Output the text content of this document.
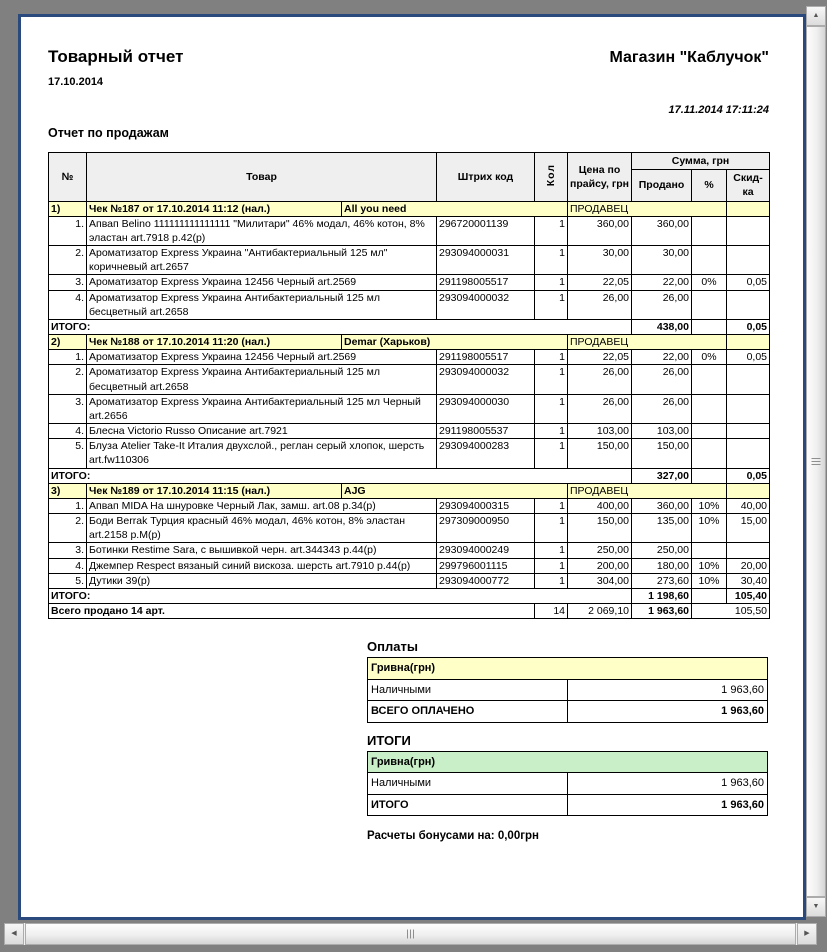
Товарный отчет	Магазин "Каблучок"
17.10.2014
17.11.2014 17:11:24
Отчет по продажам
№	Товар		Штрих код	Кол	Цена по прайсу, грн	Сумма, грн		
						Продано	%	Скид-ка
1)	Чек №187 от 17.10.2014 11:12 (нал.)	All you need			ПРОДАВЕЦ			
1.	Апвап Belino 111111111111111 "Милитари" 46% модал, 46% котон, 8% эластан art.7918 р.42(р)		296720001139	1	360,00	360,00		
2.	Ароматизатор Express Украина "Антибактериальный 125 мл" коричневый art.2657		293094000031	1	30,00	30,00		
3.	Ароматизатор Express Украина 12456 Черный art.2569		291198005517	1	22,05	22,00	0%	0,05
4.	Ароматизатор Express Украина Антибактериальный 125 мл бесцветный art.2658		293094000032	1	26,00	26,00		
ИТОГО:						438,00		0,05
2)	Чек №188 от 17.10.2014 11:20 (нал.)	Demar (Харьков)			ПРОДАВЕЦ			
1.	Ароматизатор Express Украина 12456 Черный art.2569		291198005517	1	22,05	22,00	0%	0,05
2.	Ароматизатор Express Украина Антибактериальный 125 мл бесцветный art.2658		293094000032	1	26,00	26,00		
3.	Ароматизатор Express Украина Антибактериальный 125 мл Черный art.2656		293094000030	1	26,00	26,00		
4.	Блесна Victorio Russo Описание art.7921		291198005537	1	103,00	103,00		
5.	Блуза Atelier Take-It Италия двухслой., реглан серый хлопок, шерсть art.fw110306		293094000283	1	150,00	150,00		
ИТОГО:						327,00		0,05
3)	Чек №189 от 17.10.2014 11:15 (нал.)	AJG			ПРОДАВЕЦ			
1.	Апвап MIDA На шнуровке Черный Лак, замш. art.08 р.34(р)		293094000315	1	400,00	360,00	10%	40,00
2.	Боди Berrak Турция красный 46% модал, 46% котон, 8% эластан art.2158 р.M(р)		297309000950	1	150,00	135,00	10%	15,00
3.	Ботинки Restime Sara, с вышивкой черн. art.344343 р.44(р)		293094000249	1	250,00	250,00		
4.	Джемпер Respect вязаный синий вискоза. шерсть art.7910 р.44(р)		299796001115	1	200,00	180,00	10%	20,00
5.	Дутики 39(р)		293094000772	1	304,00	273,60	10%	30,40
ИТОГО:						1 198,60		105,40
Всего продано 14 арт.				14	2 069,10	1 963,60	105,50	
Оплаты
Гривна(грн)	
Наличными	1 963,60
ВСЕГО ОПЛАЧЕНО	1 963,60
ИТОГИ
Гривна(грн)	
Наличными	1 963,60
ИТОГО	1 963,60
Расчеты бонусами на: 0,00грн
▲
▼
◀	▶
